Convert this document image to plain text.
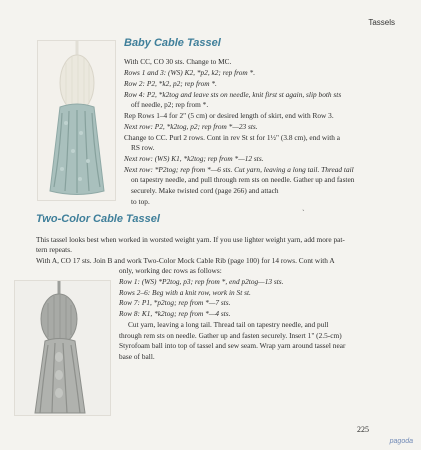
Tassels
Baby Cable Tassel
With CC, CO 30 sts. Change to MC.
Rows 1 and 3: (WS) K2, *p2, k2; rep from *.
Row 2: P2, *k2, p2; rep from *.
Row 4: P2, *k2tog and leave sts on needle, knit first st again, slip both sts
off needle, p2; rep from *.
Rep Rows 1–4 for 2" (5 cm) or desired length of skirt, end with Row 3.
Next row: P2, *k2tog, p2; rep from *—23 sts.
Change to CC. Purl 2 rows. Cont in rev St st for 1½" (3.8 cm), end with a
RS row.
Next row: (WS) K1, *k2tog; rep from *—12 sts.
Next row: *P2tog; rep from *—6 sts. Cut yarn, leaving a long tail. Thread tail
on tapestry needle, and pull through rem sts on needle. Gather up and fasten
securely. Make twisted cord (page 266) and attach
to top.
ˎ
Two-Color Cable Tassel
This tassel looks best when worked in worsted weight yarn. If you use lighter weight yarn, add more pat-
tern repeats.
With A, CO 17 sts. Join B and work Two-Color Mock Cable Rib (page 100) for 14 rows. Cont with A
only, working dec rows as follows:
Row 1: (WS) *P2tog, p3; rep from *, end p2tog—13 sts.
Rows 2–6: Beg with a knit row, work in St st.
Row 7: P1, *p2tog; rep from *—7 sts.
Row 8: K1, *k2tog; rep from *—4 sts.
Cut yarn, leaving a long tail. Thread tail on tapestry needle, and pull
through rem sts on needle. Gather up and fasten securely. Insert 1" (2.5-cm)
Styrofoam ball into top of tassel and sew seam. Wrap yarn around tassel near
base of ball.
225
pagoda
